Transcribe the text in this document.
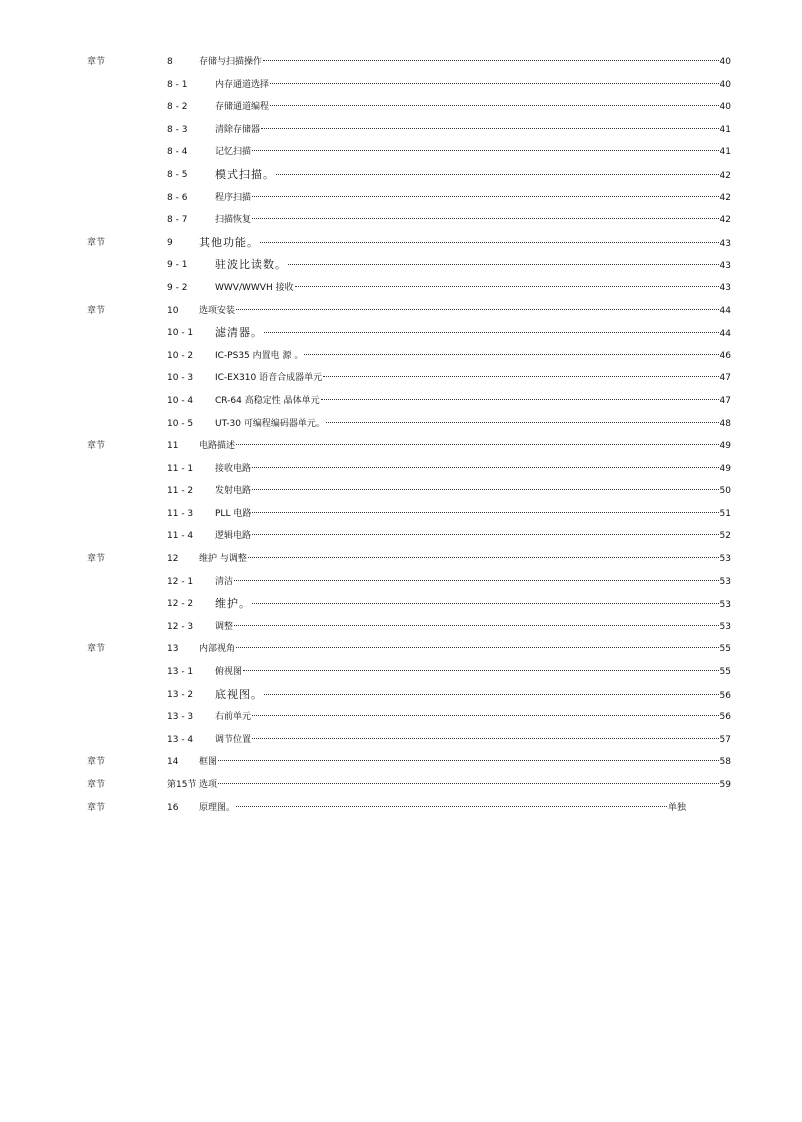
章节	8	存储与扫描操作	40
8 - 1	内存通道选择	40
8 - 2	存储通道编程	40
8 - 3	清除存储器	41
8 - 4	记忆扫描	41
8 - 5	模式扫描。	42
8 - 6	程序扫描	42
8 - 7	扫描恢复	42
章节	9	其他功能。	43
9 - 1	驻波比读数。	43
9 - 2	WWV/WWVH 接收	43
章节	10	选项安装	44
10 - 1 滤清器。	44
10 - 2 IC-PS35 内置电 源 。	46
10 - 3 IC-EX310 语音合成器单元	47
10 - 4 CR-64 高稳定性 晶体单元	47
10 - 5 UT-30 可编程编码器单元。	48
章节	11	电路描述	49
11 - 1 接收电路	49
11 - 2 发射电路	50
11 - 3 PLL 电路	51
11 - 4 逻辑电路	52
章节	12	维护 与调整	53
12 - 1 清洁	53
12 - 2 维护。	53
12 - 3 调整	53
章节	13	内部视角	55
13 - 1 俯视图	55
13 - 2 底视图。	56
13 - 3 右前单元	56
13 - 4 调节位置	57
章节	14	框图	58
章节	第15节 选项	59
章节	16	原理图。	单独
